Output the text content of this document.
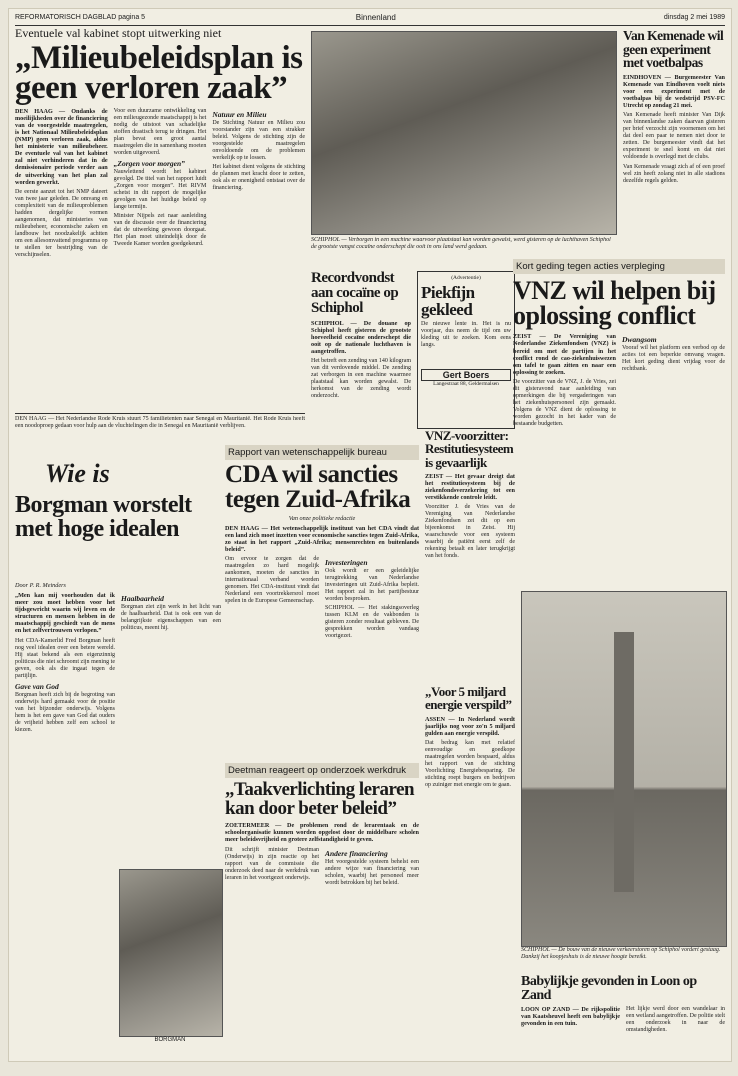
REFORMATORISCH DAGBLAD pagina 5	Binnenland	dinsdag 2 mei 1989
Eventuele val kabinet stopt uitwerking niet
„Milieubeleidsplan is geen verloren zaak”

DEN HAAG — Ondanks de moeilijkheden over de financiering van de voorgestelde maatregelen, is het Nationaal Milieubeleidsplan (NMP) geen verloren zaak, aldus het ministerie van milieubeheer. De eventuele val van het kabinet zal niet verhinderen dat in de demissionaire periode verder aan de uitwerking van het plan zal worden gewerkt.

De eerste aanzet tot het NMP dateert van twee jaar geleden. De omvang en complexiteit van de milieuproblemen hadden dergelijke vormen aangenomen, dat ministeries van milieubeheer, economische zaken en landbouw het noodzakelijk achtten om een allesomvattend programma op te stellen ter bestrijding van de verschijnselen.

Voor een duurzame ontwikkeling van een milieugezonde maatschappij is het nodig de uitstoot van schadelijke stoffen drastisch terug te dringen. Het plan bevat een groot aantal maatregelen die in samenhang moeten worden uitgevoerd.

„Zorgen voor morgen”

Nauwlettend wordt het kabinet gevolgd. De titel van het rapport luidt „Zorgen voor morgen”. Het RIVM schetst in dit rapport de mogelijke gevolgen van het huidige beleid op lange termijn.

Minister Nijpels zei naar aanleiding van de discussie over de financiering dat de uitwerking gewoon doorgaat. Het plan moet uiteindelijk door de Tweede Kamer worden goedgekeurd.

Natuur en Milieu

De Stichting Natuur en Milieu zou voorstander zijn van een strakker beleid. Volgens de stichting zijn de voorgestelde maatregelen onvoldoende om de problemen werkelijk op te lossen.

Het kabinet dient volgens de stichting de plannen met kracht door te zetten, ook als er onenigheid ontstaat over de financiering.

DEN HAAG — Het Nederlandse Rode Kruis stuurt 75 familietenten naar Senegal en Mauritanië. Het Rode Kruis heeft een noodoproep gedaan voor hulp aan de vluchtelingen die in Senegal en Mauritanië verblijven.

SCHIPHOL — Verborgen in een machine waarvoor plaatstaal kan worden gewalst, werd gisteren op de luchthaven Schiphol de grootste vangst cocaïne onderschept die ooit in ons land werd gedaan.
Van Kemenade wil geen experiment met voetbalpas

EINDHOVEN — Burgemeester Van Kemenade van Eindhoven voelt niets voor een experiment met de voetbalpas bij de wedstrijd PSV-FC Utrecht op zondag 21 mei.

Van Kemenade heeft minister Van Dijk van binnenlandse zaken daarvan gisteren per brief verzocht zijn voornemen om het dat deel een paar te nemen niet door te zetten. De burgemeester vindt dat het experiment te snel komt en dat niet voldoende is overlegd met de clubs.

Van Kemenade vraagt zich af of een proef wel zin heeft zolang niet in alle stadions dezelfde regels gelden.

Recordvondst aan cocaïne op Schiphol

SCHIPHOL — De douane op Schiphol heeft gisteren de grootste hoeveelheid cocaïne onderschept die ooit op de nationale luchthaven is aangetroffen.

Het betreft een zending van 140 kilogram van dit verdovende middel. De zending zat verborgen in een machine waarmee plaatstaal kan worden gewalst. De herkomst van de zending wordt onderzocht.

(Advertentie)
Piekfijn gekleed

De nieuwe lente in. Het is nu voorjaar, dus neem de tijd om uw kleding uit te zoeken. Kom eens langs.

Gert Boers
Langestraat 88, Geldermalsen
Kort geding tegen acties verpleging
VNZ wil helpen bij oplossing conflict

ZEIST — De Vereniging van Nederlandse Ziekenfondsen (VNZ) is bereid om met de partijen in het conflict rond de cao-ziekenhuiswezen om tafel te gaan zitten en naar een oplossing te zoeken.

De voorzitter van de VNZ, J. de Vries, zei dit gisteravond naar aanleiding van opmerkingen die bij vergaderingen van het ziekenhuispersoneel zijn gemaakt. Volgens de VNZ dient de oplossing te worden gezocht in het kader van de bestaande budgetten.

Dwangsom

Vooraf wil het platform een verbod op de acties tot een beperkte omvang vragen. Het kort geding dient vrijdag voor de rechtbank.

Rapport van wetenschappelijk bureau
CDA wil sancties tegen Zuid-Afrika
Van onze politieke redactie

DEN HAAG — Het wetenschappelijk instituut van het CDA vindt dat een land zich moet inzetten voor economische sancties tegen Zuid-Afrika, zo staat in het rapport „Zuid-Afrika; mensenrechten en buitenlands beleid”.

Om ervoor te zorgen dat de maatregelen zo hard mogelijk aankomen, moeten de sancties in internationaal verband worden genomen. Het CDA-instituut vindt dat Nederland een voortrekkersrol moet spelen in de Europese Gemeenschap.

Investeringen

Ook wordt er een geleidelijke terugtrekking van Nederlandse investeringen uit Zuid-Afrika bepleit. Het rapport zal in het partijbestuur worden besproken.

SCHIPHOL — Het stakingsoverleg tussen KLM en de vakbonden is gisteren zonder resultaat gebleven. De gesprekken worden vandaag voortgezet.

VNZ-voorzitter: Restitutiesysteem is gevaarlijk

ZEIST — Het gevaar dreigt dat het restitutiesysteem bij de ziekenfondsverzekering tot een verstikkende controle leidt.

Voorzitter J. de Vries van de Vereniging van Nederlandse Ziekenfondsen zei dit op een bijeenkomst in Zeist. Hij waarschuwde voor een systeem waarbij de patiënt eerst zelf de rekening betaalt en later terugkrijgt van het fonds.

„Voor 5 miljard energie verspild”

ASSEN — In Nederland wordt jaarlijks nog voor zo'n 5 miljard gulden aan energie verspild.

Dat bedrag kan met relatief eenvoudige en goedkope maatregelen worden bespaard, aldus het rapport van de stichting Voorlichting Energiebesparing. De stichting roept burgers en bedrijven op zuiniger met energie om te gaan.

SCHIPHOL — De bouw van de nieuwe verkeerstoren op Schiphol vordert gestaag. Dankzij het koopjeshuis is de nieuwe hoogte bereikt.
Babylijkje gevonden in Loon op Zand

LOON OP ZAND — De rijkspolitie van Kaatsheuvel heeft een babylijkje gevonden in een tuin.

Het lijkje werd door een wandelaar in een weiland aangetroffen. De politie stelt een onderzoek in naar de omstandigheden.

Wie is
Borgman worstelt met hoge idealen
Door P. R. Meinders

„Men kan mij voorhouden dat ik meer zou moet hebben voor het tijdsgewricht waarin wij leven en de structuren en mensen hebben in de maatschappij geschiedt van de mens en het zelfvertrouwen verlopen.”

Het CDA-Kamerlid Fred Borgman heeft nog veel idealen over een betere wereld. Hij staat bekend als een eigenzinnig politicus die niet schroomt zijn mening te geven, ook als die ingaat tegen de partijlijn.

Gave van God

Borgman heeft zich bij de begroting van onderwijs hard gemaakt voor de positie van het bijzonder onderwijs. Volgens hem is het een gave van God dat ouders de vrijheid hebben zelf een school te kiezen.

Haalbaarheid

Borgman ziet zijn werk in het licht van de haalbaarheid. Dat is ook een van de belangrijkste eigenschappen van een politicus, meent hij.

BORGMAN
Deetman reageert op onderzoek werkdruk
„Taakverlichting leraren kan door beter beleid”

ZOETERMEER — De problemen rond de lerarentaak en de schoolorganisatie kunnen worden opgelost door de middelbare scholen meer beleidsvrijheid en grotere zelfstandigheid te geven.

Dit schrijft minister Deetman (Onderwijs) in zijn reactie op het rapport van de commissie die onderzoek deed naar de werkdruk van leraren in het voortgezet onderwijs.

Andere financiering

Het voorgestelde systeem behelst een andere wijze van financiering van scholen, waarbij het personeel meer wordt betrokken bij het beleid.
